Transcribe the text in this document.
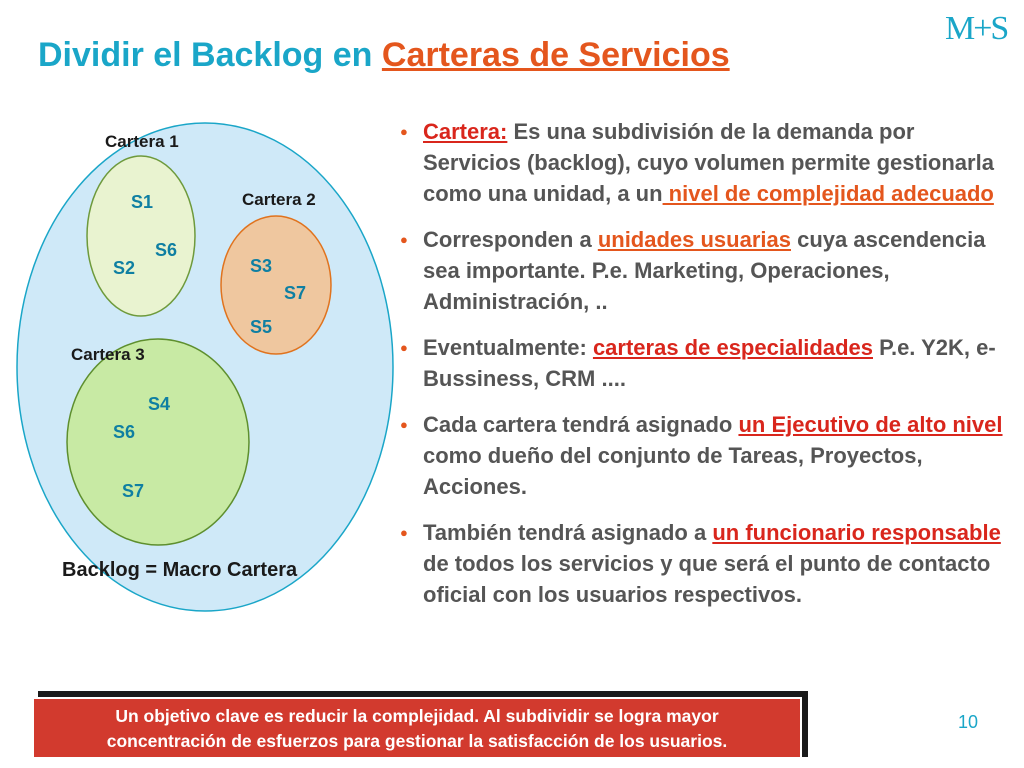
M+S
Dividir el Backlog en Carteras de Servicios
Cartera 1
Cartera 2
Cartera 3
S1
S6
S2	S3
S7
S5
S4
S6
S7
Backlog = Macro Cartera
● Cartera: Es una subdivisión de la demanda por Servicios (backlog), cuyo volumen permite gestionarla como una unidad, a un nivel de complejidad adecuado
● Corresponden a unidades usuarias cuya ascendencia sea importante. P.e. Marketing, Operaciones, Administración, ..
● Eventualmente: carteras de especialidades P.e. Y2K, e-Bussiness, CRM ....
● Cada cartera tendrá asignado un Ejecutivo de alto nivel como dueño del conjunto de Tareas, Proyectos, Acciones.
● También tendrá asignado a un funcionario responsable de todos los servicios y que será el punto de contacto oficial con los usuarios respectivos.
Un objetivo clave es reducir la complejidad. Al subdividir se logra mayor
concentración de esfuerzos para gestionar la satisfacción de los usuarios.
10
